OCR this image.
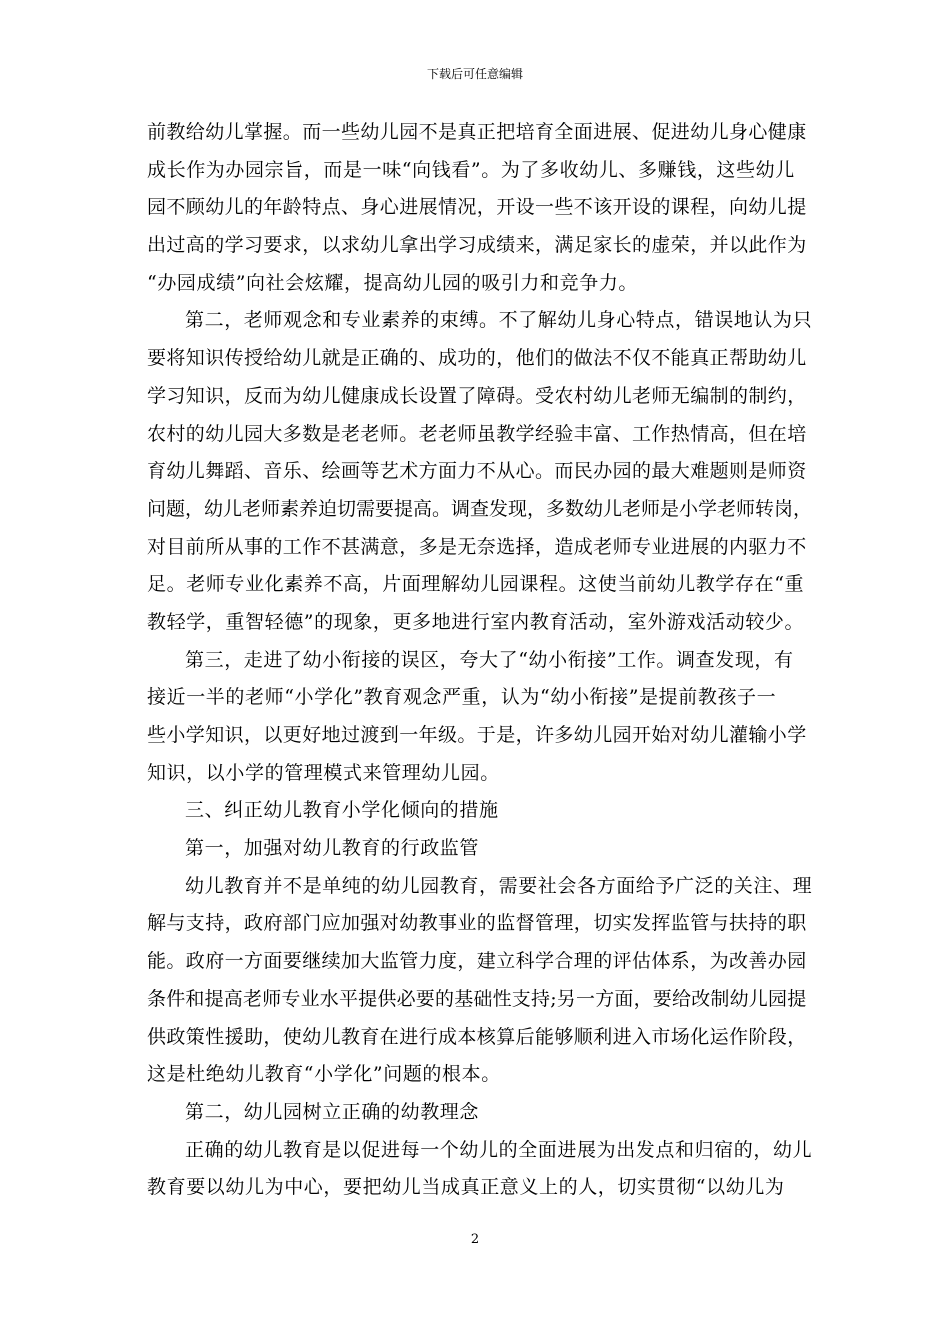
下载后可任意编辑
前教给幼儿掌握。而一些幼儿园不是真正把培育全面进展、促进幼儿身心健康
成长作为办园宗旨，而是一味“向钱看”。为了多收幼儿、多赚钱，这些幼儿
园不顾幼儿的年龄特点、身心进展情况，开设一些不该开设的课程，向幼儿提
出过高的学习要求，以求幼儿拿出学习成绩来，满足家长的虚荣，并以此作为
“办园成绩”向社会炫耀，提高幼儿园的吸引力和竞争力。
第二，老师观念和专业素养的束缚。不了解幼儿身心特点，错误地认为只
要将知识传授给幼儿就是正确的、成功的，他们的做法不仅不能真正帮助幼儿
学习知识，反而为幼儿健康成长设置了障碍。受农村幼儿老师无编制的制约，
农村的幼儿园大多数是老老师。老老师虽教学经验丰富、工作热情高，但在培
育幼儿舞蹈、音乐、绘画等艺术方面力不从心。而民办园的最大难题则是师资
问题，幼儿老师素养迫切需要提高。调查发现，多数幼儿老师是小学老师转岗，
对目前所从事的工作不甚满意，多是无奈选择，造成老师专业进展的内驱力不
足。老师专业化素养不高，片面理解幼儿园课程。这使当前幼儿教学存在“重
教轻学，重智轻德”的现象，更多地进行室内教育活动，室外游戏活动较少。
第三，走进了幼小衔接的误区，夸大了“幼小衔接”工作。调查发现，有
接近一半的老师“小学化”教育观念严重，认为“幼小衔接”是提前教孩子一
些小学知识，以更好地过渡到一年级。于是，许多幼儿园开始对幼儿灌输小学
知识，以小学的管理模式来管理幼儿园。
三、纠正幼儿教育小学化倾向的措施
第一，加强对幼儿教育的行政监管
幼儿教育并不是单纯的幼儿园教育，需要社会各方面给予广泛的关注、理
解与支持，政府部门应加强对幼教事业的监督管理，切实发挥监管与扶持的职
能。政府一方面要继续加大监管力度，建立科学合理的评估体系，为改善办园
条件和提高老师专业水平提供必要的基础性支持;另一方面，要给改制幼儿园提
供政策性援助，使幼儿教育在进行成本核算后能够顺利进入市场化运作阶段，
这是杜绝幼儿教育“小学化”问题的根本。
第二，幼儿园树立正确的幼教理念
正确的幼儿教育是以促进每一个幼儿的全面进展为出发点和归宿的，幼儿
教育要以幼儿为中心，要把幼儿当成真正意义上的人，切实贯彻“以幼儿为
2
